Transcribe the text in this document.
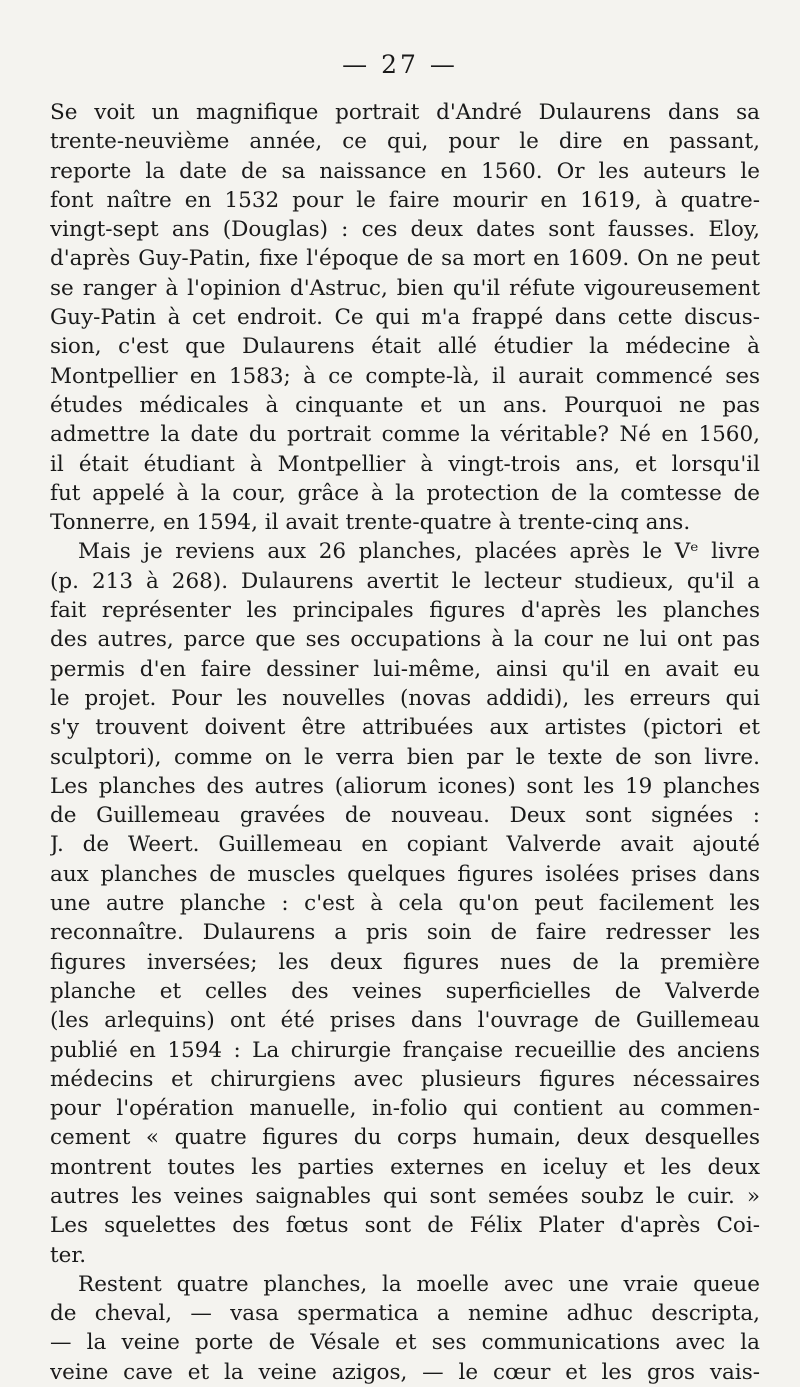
— 27 —
Se voit un magnifique portrait d'André Dulaurens dans sa
trente-neuvième année, ce qui, pour le dire en passant,
reporte la date de sa naissance en 1560. Or les auteurs le
font naître en 1532 pour le faire mourir en 1619, à quatre-
vingt-sept ans (Douglas) : ces deux dates sont fausses. Eloy,
d'après Guy-Patin, fixe l'époque de sa mort en 1609. On ne peut
se ranger à l'opinion d'Astruc, bien qu'il réfute vigoureusement
Guy-Patin à cet endroit. Ce qui m'a frappé dans cette discus-
sion, c'est que Dulaurens était allé étudier la médecine à
Montpellier en 1583; à ce compte-là, il aurait commencé ses
études médicales à cinquante et un ans. Pourquoi ne pas
admettre la date du portrait comme la véritable? Né en 1560,
il était étudiant à Montpellier à vingt-trois ans, et lorsqu'il
fut appelé à la cour, grâce à la protection de la comtesse de
Tonnerre, en 1594, il avait trente-quatre à trente-cinq ans.
Mais je reviens aux 26 planches, placées après le Vᵉ livre
(p. 213 à 268). Dulaurens avertit le lecteur studieux, qu'il a
fait représenter les principales figures d'après les planches
des autres, parce que ses occupations à la cour ne lui ont pas
permis d'en faire dessiner lui-même, ainsi qu'il en avait eu
le projet. Pour les nouvelles (novas addidi), les erreurs qui
s'y trouvent doivent être attribuées aux artistes (pictori et
sculptori), comme on le verra bien par le texte de son livre.
Les planches des autres (aliorum icones) sont les 19 planches
de Guillemeau gravées de nouveau. Deux sont signées :
J. de Weert. Guillemeau en copiant Valverde avait ajouté
aux planches de muscles quelques figures isolées prises dans
une autre planche : c'est à cela qu'on peut facilement les
reconnaître. Dulaurens a pris soin de faire redresser les
figures inversées; les deux figures nues de la première
planche et celles des veines superficielles de Valverde
(les arlequins) ont été prises dans l'ouvrage de Guillemeau
publié en 1594 : La chirurgie française recueillie des anciens
médecins et chirurgiens avec plusieurs figures nécessaires
pour l'opération manuelle, in-folio qui contient au commen-
cement « quatre figures du corps humain, deux desquelles
montrent toutes les parties externes en iceluy et les deux
autres les veines saignables qui sont semées soubz le cuir. »
Les squelettes des fœtus sont de Félix Plater d'après Coi-
ter.
Restent quatre planches, la moelle avec une vraie queue
de cheval, — vasa spermatica a nemine adhuc descripta,
— la veine porte de Vésale et ses communications avec la
veine cave et la veine azigos, — le cœur et les gros vais-
